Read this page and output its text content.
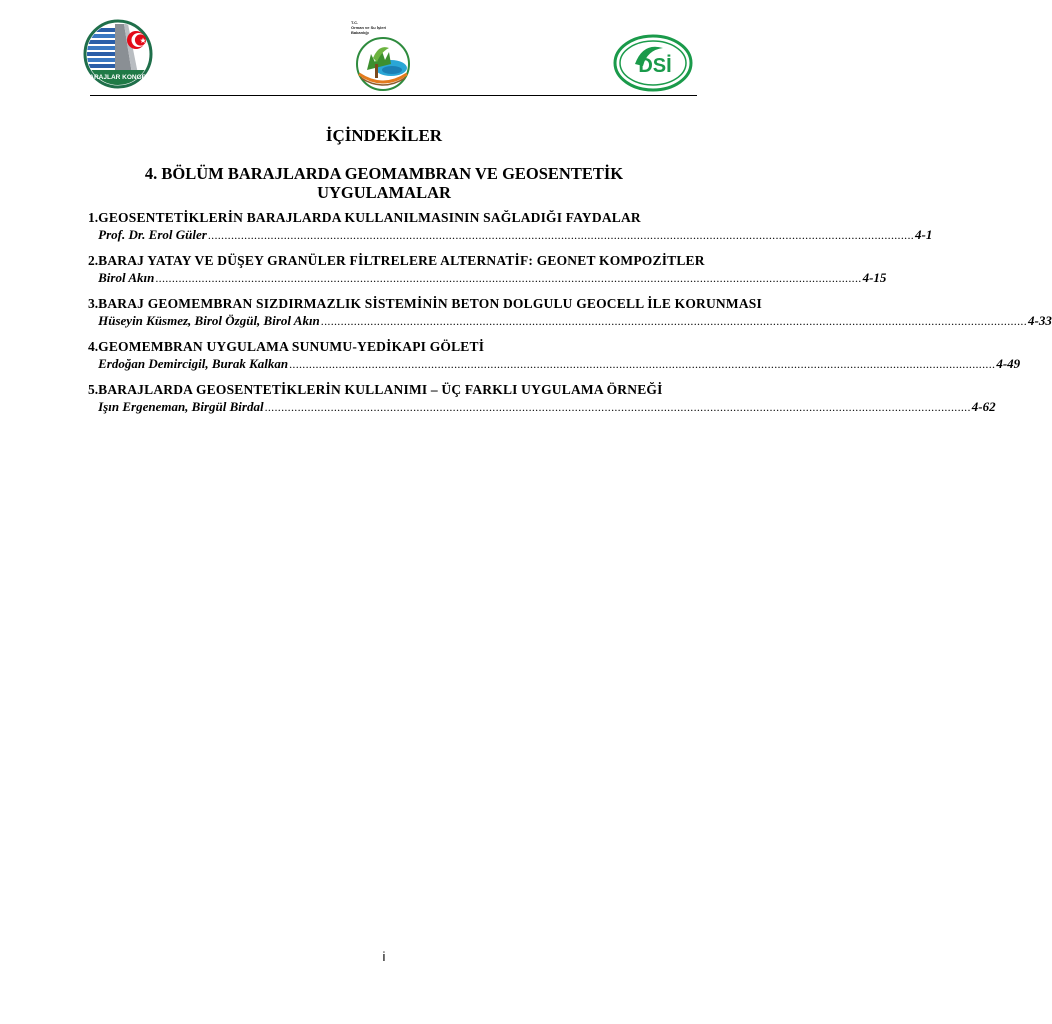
2.BARAJLAR KONGRESİ
T.C.
Orman ve Su İşleri
Bakanlığı
DSİ
İÇİNDEKİLER
4. BÖLÜM BARAJLARDA GEOMAMBRAN VE GEOSENTETİK UYGULAMALAR
1. GEOSENTETİKLERİN BARAJLARDA KULLANILMASININ SAĞLADIĞI FAYDALAR
Prof. Dr. Erol Güler ...................................................................................................................................................................................................................... 4-1
2. BARAJ YATAY VE DÜŞEY GRANÜLER FİLTRELERE ALTERNATİF: GEONET KOMPOZİTLER
Birol Akın ...................................................................................................................................................................................................................... 4-15
3. BARAJ GEOMEMBRAN SIZDIRMAZLIK SİSTEMİNİN BETON DOLGULU GEOCELL İLE KORUNMASI
Hüseyin Küsmez, Birol Özgül, Birol Akın ...................................................................................................................................................................................................................... 4-33
4. GEOMEMBRAN UYGULAMA SUNUMU-YEDİKAPI GÖLETİ
Erdoğan Demircigil, Burak Kalkan ...................................................................................................................................................................................................................... 4-49
5. BARAJLARDA GEOSENTETİKLERİN KULLANIMI – ÜÇ FARKLI UYGULAMA ÖRNEĞİ
Işın Ergeneman, Birgül Birdal ...................................................................................................................................................................................................................... 4-62
i
